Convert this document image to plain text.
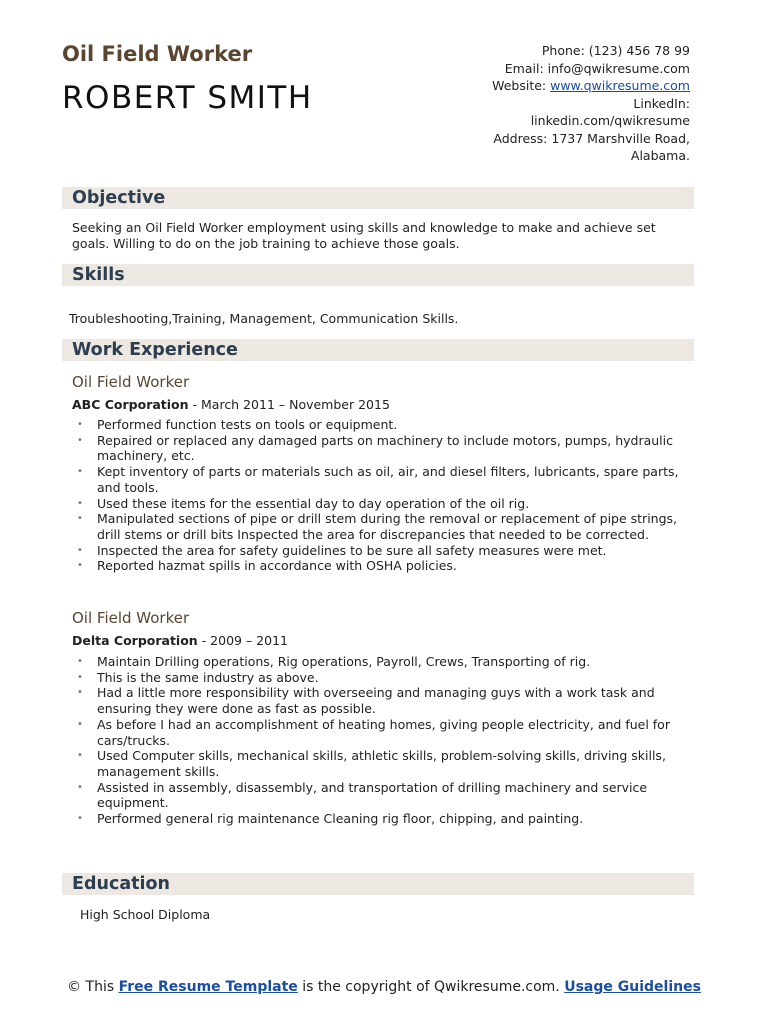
Oil Field Worker
ROBERT SMITH
Phone: (123) 456 78 99
Email: info@qwikresume.com
Website: www.qwikresume.com
LinkedIn:
linkedin.com/qwikresume
Address: 1737 Marshville Road,
Alabama.
Objective
Seeking an Oil Field Worker employment using skills and knowledge to make and achieve set goals. Willing to do on the job training to achieve those goals.
Skills
Troubleshooting,Training, Management, Communication Skills.
Work Experience
Oil Field Worker
ABC Corporation - March 2011 – November 2015
• Performed function tests on tools or equipment.
• Repaired or replaced any damaged parts on machinery to include motors, pumps, hydraulic machinery, etc.
• Kept inventory of parts or materials such as oil, air, and diesel filters, lubricants, spare parts, and tools.
• Used these items for the essential day to day operation of the oil rig.
• Manipulated sections of pipe or drill stem during the removal or replacement of pipe strings, drill stems or drill bits Inspected the area for discrepancies that needed to be corrected.
• Inspected the area for safety guidelines to be sure all safety measures were met.
• Reported hazmat spills in accordance with OSHA policies.
Oil Field Worker
Delta Corporation - 2009 – 2011
• Maintain Drilling operations, Rig operations, Payroll, Crews, Transporting of rig.
• This is the same industry as above.
• Had a little more responsibility with overseeing and managing guys with a work task and ensuring they were done as fast as possible.
• As before I had an accomplishment of heating homes, giving people electricity, and fuel for cars/trucks.
• Used Computer skills, mechanical skills, athletic skills, problem-solving skills, driving skills, management skills.
• Assisted in assembly, disassembly, and transportation of drilling machinery and service equipment.
• Performed general rig maintenance Cleaning rig floor, chipping, and painting.
Education
High School Diploma
© This Free Resume Template is the copyright of Qwikresume.com. Usage Guidelines
